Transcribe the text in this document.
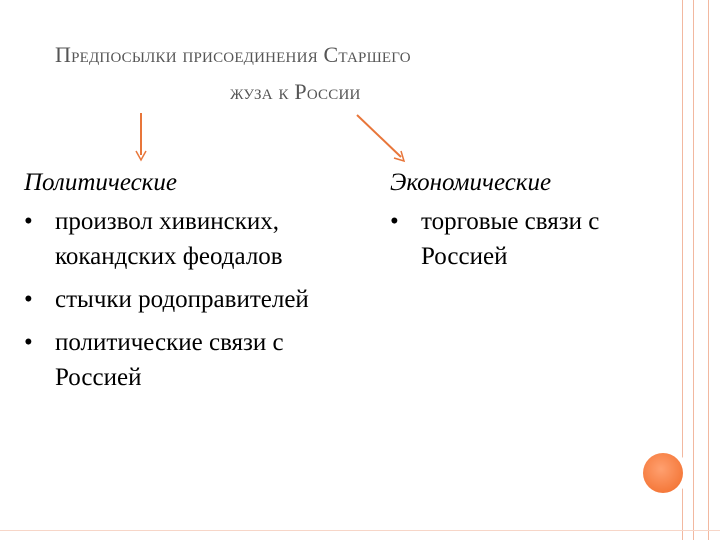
Предпосылки присоединения Старшего
жуза к России
Политические
• произвол хивинских, кокандских феодалов
• стычки родоправителей
• политические связи с Россией
Экономические
• торговые связи с Россией
